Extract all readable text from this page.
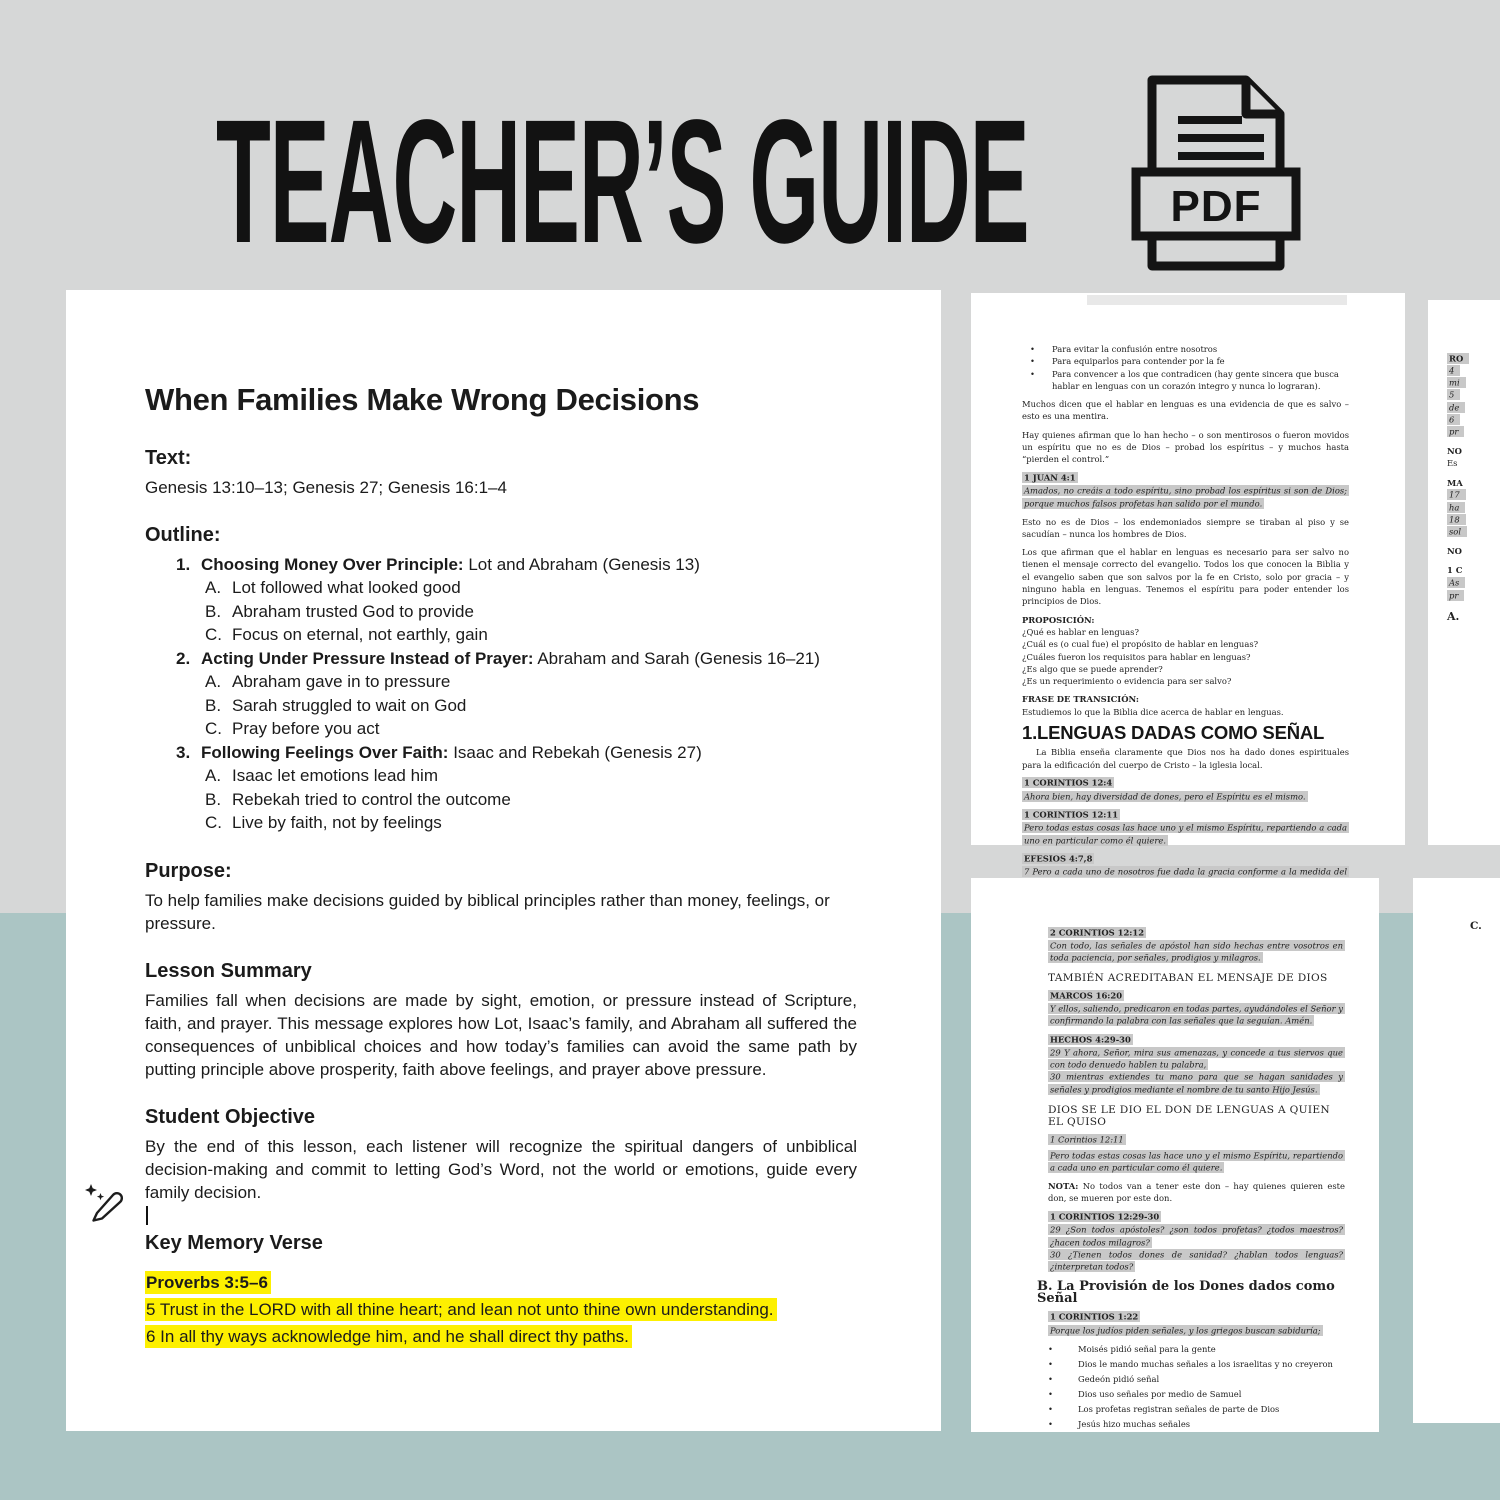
TEACHER’S GUIDE	PDF
When Families Make Wrong Decisions
Text:

Genesis 13:10–13; Genesis 27; Genesis 16:1–4

Outline:
1. Choosing Money Over Principle: Lot and Abraham (Genesis 13)
A. Lot followed what looked good
B. Abraham trusted God to provide
C. Focus on eternal, not earthly, gain
2. Acting Under Pressure Instead of Prayer: Abraham and Sarah (Genesis 16–21)
A. Abraham gave in to pressure
B. Sarah struggled to wait on God
C. Pray before you act
3. Following Feelings Over Faith: Isaac and Rebekah (Genesis 27)
A. Isaac let emotions lead him
B. Rebekah tried to control the outcome
C. Live by faith, not by feelings
Purpose:

To help families make decisions guided by biblical principles rather than money, feelings, or pressure.

Lesson Summary

Families fall when decisions are made by sight, emotion, or pressure instead of Scripture, faith, and prayer. This message explores how Lot, Isaac’s family, and Abraham all suffered the consequences of unbiblical choices and how today’s families can avoid the same path by putting principle above prosperity, faith above feelings, and prayer above pressure.

Student Objective

By the end of this lesson, each listener will recognize the spiritual dangers of unbiblical decision-making and commit to letting God’s Word, not the world or emotions, guide every family decision.

Key Memory Verse
Proverbs 3:5–6
5 Trust in the LORD with all thine heart; and lean not unto thine own understanding.
6 In all thy ways acknowledge him, and he shall direct thy paths.
•	Para evitar la confusión entre nosotros
•	Para equiparlos para contender por la fe
•	Para convencer a los que contradicen (hay gente sincera que busca hablar en lenguas con un corazón integro y nunca lo lograran).

Muchos dicen que el hablar en lenguas es una evidencia de que es salvo – esto es una mentira.

Hay quienes afirman que lo han hecho – o son mentirosos o fueron movidos un espíritu que no es de Dios – probad los espíritus – y muchos hasta “pierden el control.”

1 JUAN 4:1

Amados, no creáis a todo espíritu, sino probad los espíritus si son de Dios; porque muchos falsos profetas han salido por el mundo.

Esto no es de Dios – los endemoniados siempre se tiraban al piso y se sacudían – nunca los hombres de Dios.

Los que afirman que el hablar en lenguas es necesario para ser salvo no tienen el mensaje correcto del evangelio. Todos los que conocen la Biblia y el evangelio saben que son salvos por la fe en Cristo, solo por gracia – y ninguno habla en lenguas. Tenemos el espíritu para poder entender los principios de Dios.

PROPOSICIÓN:

¿Qué es hablar en lenguas?

¿Cuál es (o cual fue) el propósito de hablar en lenguas?

¿Cuáles fueron los requisitos para hablar en lenguas?

¿Es algo que se puede aprender?

¿Es un requerimiento o evidencia para ser salvo?

FRASE DE TRANSICIÓN:

Estudiemos lo que la Biblia dice acerca de hablar en lenguas.

1.LENGUAS DADAS COMO SEÑAL

La Biblia enseña claramente que Dios nos ha dado dones espirituales para la edificación del cuerpo de Cristo – la iglesia local.

1 CORINTIOS 12:4

Ahora bien, hay diversidad de dones, pero el Espíritu es el mismo.

1 CORINTIOS 12:11

Pero todas estas cosas las hace uno y el mismo Espíritu, repartiendo a cada uno en particular como él quiere.

EFESIOS 4:7,8

7 Pero a cada uno de nosotros fue dada la gracia conforme a la medida del

2 CORINTIOS 12:12

Con todo, las señales de apóstol han sido hechas entre vosotros en toda paciencia, por señales, prodigios y milagros.

TAMBIÉN ACREDITABAN EL MENSAJE DE DIOS

MARCOS 16:20

Y ellos, saliendo, predicaron en todas partes, ayudándoles el Señor y confirmando la palabra con las señales que la seguían. Amén.

HECHOS 4:29-30

29 Y ahora, Señor, mira sus amenazas, y concede a tus siervos que con todo denuedo hablen tu palabra,
30 mientras extiendes tu mano para que se hagan sanidades y señales y prodigios mediante el nombre de tu santo Hijo Jesús.

DIOS SE LE DIO EL DON DE LENGUAS A QUIEN EL QUISO

1 Corintios 12:11

Pero todas estas cosas las hace uno y el mismo Espíritu, repartiendo a cada uno en particular como él quiere.

NOTA: No todos van a tener este don – hay quienes quieren este don, se mueren por este don.

1 CORINTIOS 12:29-30

29 ¿Son todos apóstoles? ¿son todos profetas? ¿todos maestros? ¿hacen todos milagros?
30 ¿Tienen todos dones de sanidad? ¿hablan todos lenguas? ¿interpretan todos?

B. La Provisión de los Dones dados como Señal

1 CORINTIOS 1:22

Porque los judíos piden señales, y los griegos buscan sabiduría;

•	Moisés pidió señal para la gente
•	Dios le mando muchas señales a los israelitas y no creyeron
•	Gedeón pidió señal
•	Dios uso señales por medio de Samuel
•	Los profetas registran señales de parte de Dios
•	Jesús hizo muchas señales

RO

4

mi

5

de

6

pr

NO

Es

MA

17

ha

18

sol

NO

1 C

As

pr

A.

C.
